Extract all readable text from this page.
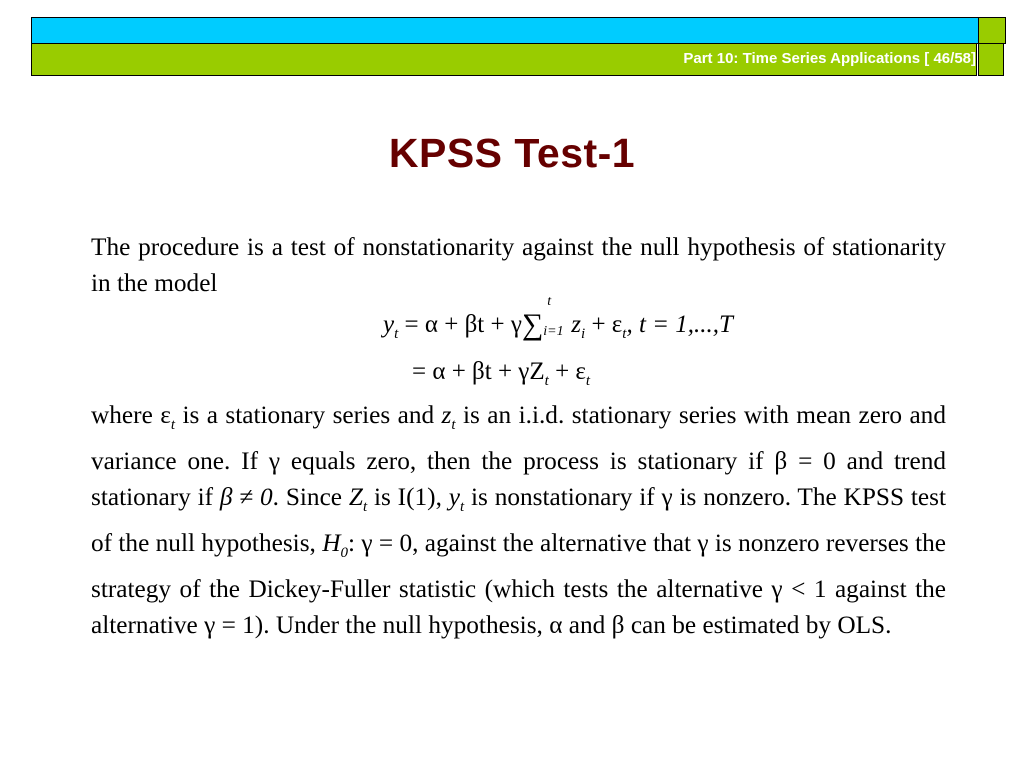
Part 10: Time Series Applications [ 46/58]
KPSS Test-1
The procedure is a test of nonstationarity against the null hypothesis of stationarity in the model
$y_t = \alpha + \beta t + \gamma\sum$
t
i=1 $z_i + \varepsilon_t$, t = 1,...,T
= $\alpha + \beta t + \gamma Z_t + \varepsilon_t$
where $\varepsilon_t$ is a stationary series and $z_t$ is an i.i.d. stationary series with mean zero and variance one. If γ equals zero, then the process is stationary if β = 0 and trend stationary if β ≠ 0. Since $Z_t$ is I(1), $y_t$ is nonstationary if γ is nonzero. The KPSS test of the null hypothesis, $H_0$: γ = 0, against the alternative that γ is nonzero reverses the strategy of the Dickey-Fuller statistic (which tests the alternative γ < 1 against the alternative γ = 1). Under the null hypothesis, α and β can be estimated by OLS.
